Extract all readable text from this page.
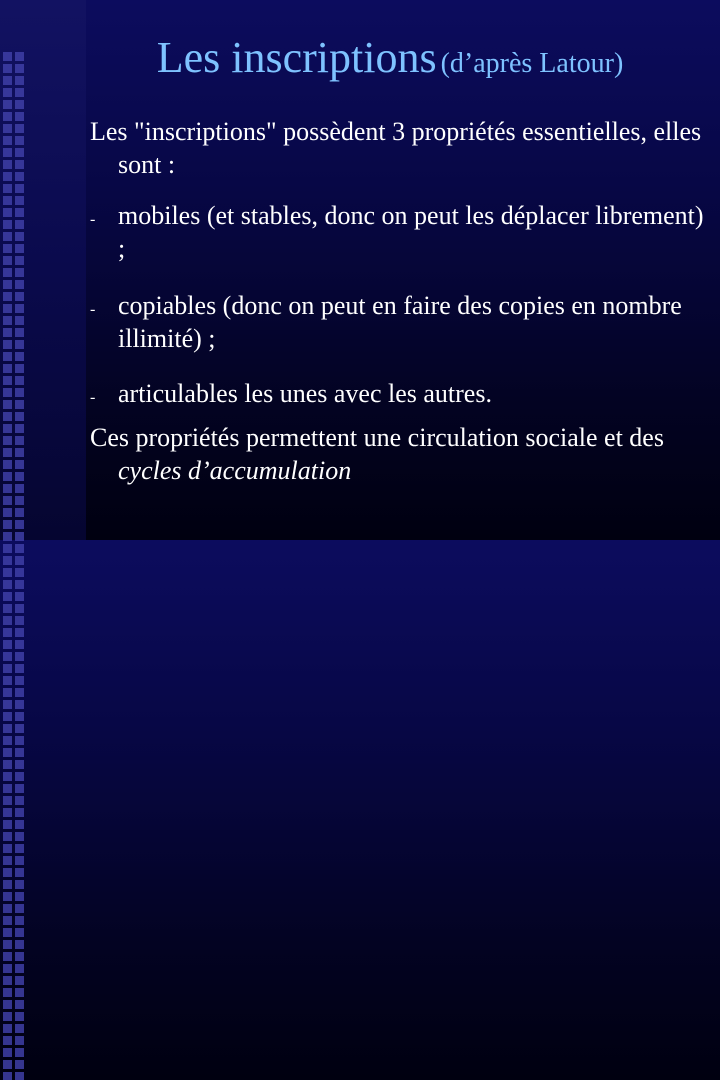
Les inscriptions (d’après Latour)

Les "inscriptions" possèdent 3 propriétés essentielles, elles sont :

- mobiles (et stables, donc on peut les déplacer librement) ;
- copiables (donc on peut en faire des copies en nombre illimité) ;
- articulables les unes avec les autres.

Ces propriétés permettent une circulation sociale et des cycles d’accumulation
